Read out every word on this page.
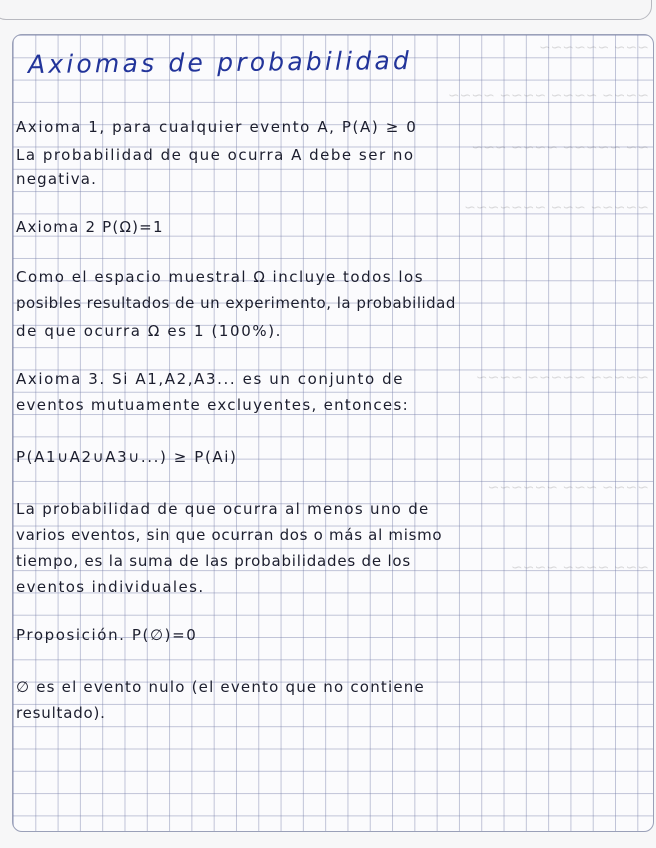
~~~ ~~~~~~
~~~~ ~~~~ ~~~~ ~~~~
~~ ~~~~~ ~~~~ ~~~
~~~~~ ~~~ ~~~~~~~
~~~~~ ~~~~~ ~~~~
~~~~ ~~~ ~~~~~~
~~~ ~~~~ ~~~~
Axiomas de probabilidad
Axioma 1, para cualquier evento A, P(A) ≥ 0
La probabilidad de que ocurra A debe ser no
negativa.
Axioma 2 P(Ω)=1
Como el espacio muestral Ω incluye todos los
posibles resultados de un experimento, la probabilidad
de que ocurra Ω es 1 (100%).
Axioma 3. Si A1,A2,A3... es un conjunto de
eventos mutuamente excluyentes, entonces:
P(A1∪A2∪A3∪...) ≥ P(Ai)
La probabilidad de que ocurra al menos uno de
varios eventos, sin que ocurran dos o más al mismo
tiempo, es la suma de las probabilidades de los
eventos individuales.
Proposición. P(∅)=0
∅ es el evento nulo (el evento que no contiene
resultado).
